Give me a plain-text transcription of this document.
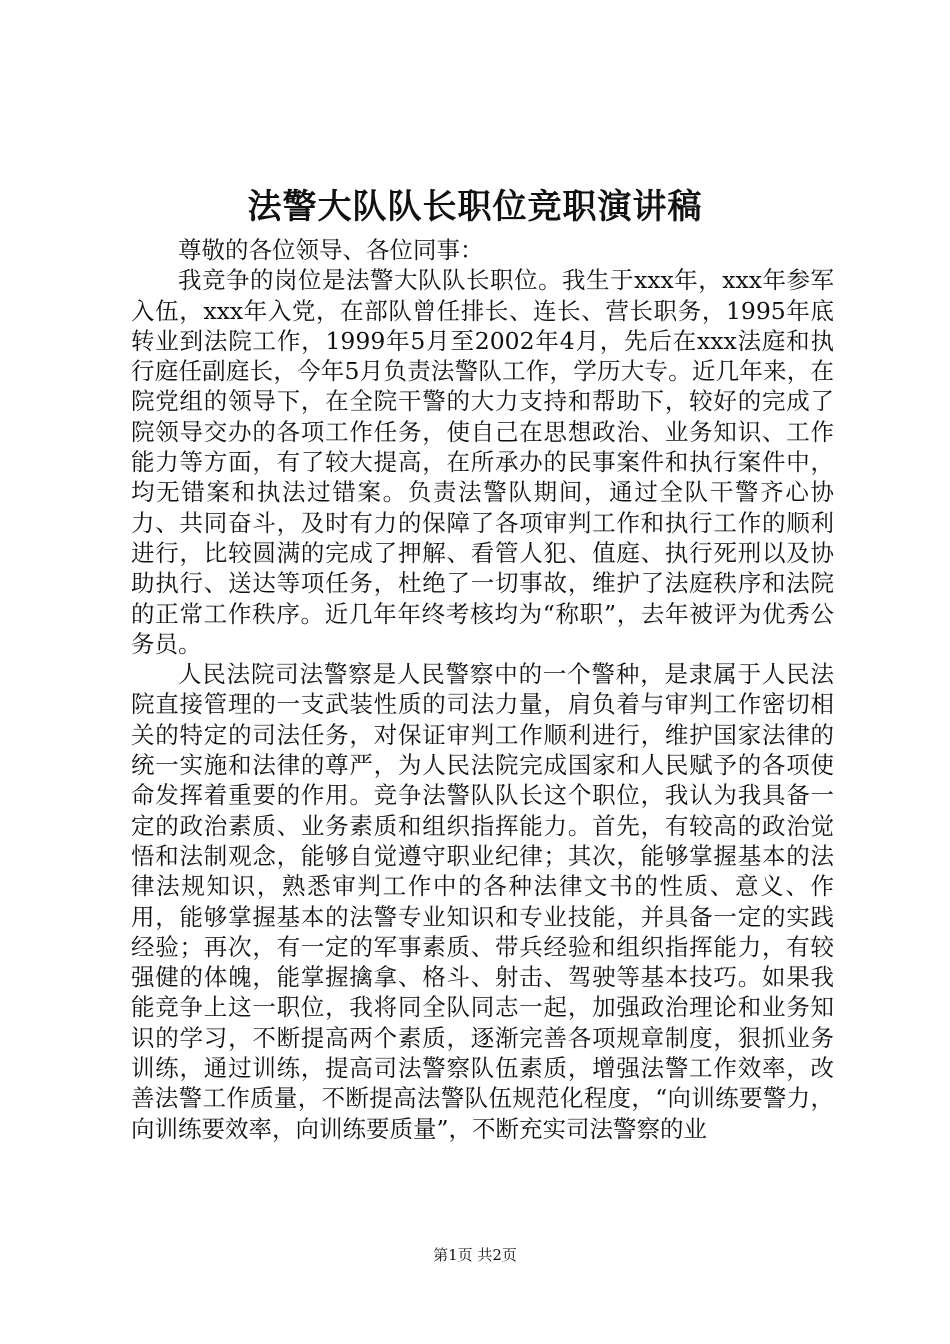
法警大队队长职位竞职演讲稿

尊敬的各位领导、各位同事：

我竞争的岗位是法警大队队长职位。我生于xxx年，xxx年参军入伍，xxx年入党，在部队曾任排长、连长、营长职务，1995年底转业到法院工作，1999年5月至2002年4月，先后在xxx法庭和执行庭任副庭长，今年5月负责法警队工作，学历大专。近几年来，在院党组的领导下，在全院干警的大力支持和帮助下，较好的完成了院领导交办的各项工作任务，使自己在思想政治、业务知识、工作能力等方面，有了较大提高，在所承办的民事案件和执行案件中，均无错案和执法过错案。负责法警队期间，通过全队干警齐心协力、共同奋斗，及时有力的保障了各项审判工作和执行工作的顺利进行，比较圆满的完成了押解、看管人犯、值庭、执行死刑以及协助执行、送达等项任务，杜绝了一切事故，维护了法庭秩序和法院的正常工作秩序。近几年年终考核均为“称职”，去年被评为优秀公务员。

人民法院司法警察是人民警察中的一个警种，是隶属于人民法院直接管理的一支武装性质的司法力量，肩负着与审判工作密切相关的特定的司法任务，对保证审判工作顺利进行，维护国家法律的统一实施和法律的尊严，为人民法院完成国家和人民赋予的各项使命发挥着重要的作用。竞争法警队队长这个职位，我认为我具备一定的政治素质、业务素质和组织指挥能力。首先，有较高的政治觉悟和法制观念，能够自觉遵守职业纪律；其次，能够掌握基本的法律法规知识，熟悉审判工作中的各种法律文书的性质、意义、作用，能够掌握基本的法警专业知识和专业技能，并具备一定的实践经验；再次，有一定的军事素质、带兵经验和组织指挥能力，有较强健的体魄，能掌握擒拿、格斗、射击、驾驶等基本技巧。如果我能竞争上这一职位，我将同全队同志一起，加强政治理论和业务知识的学习，不断提高两个素质，逐渐完善各项规章制度，狠抓业务训练，通过训练，提高司法警察队伍素质，增强法警工作效率，改善法警工作质量，不断提高法警队伍规范化程度，“向训练要警力，向训练要效率，向训练要质量”，不断充实司法警察的业

第1页 共2页
